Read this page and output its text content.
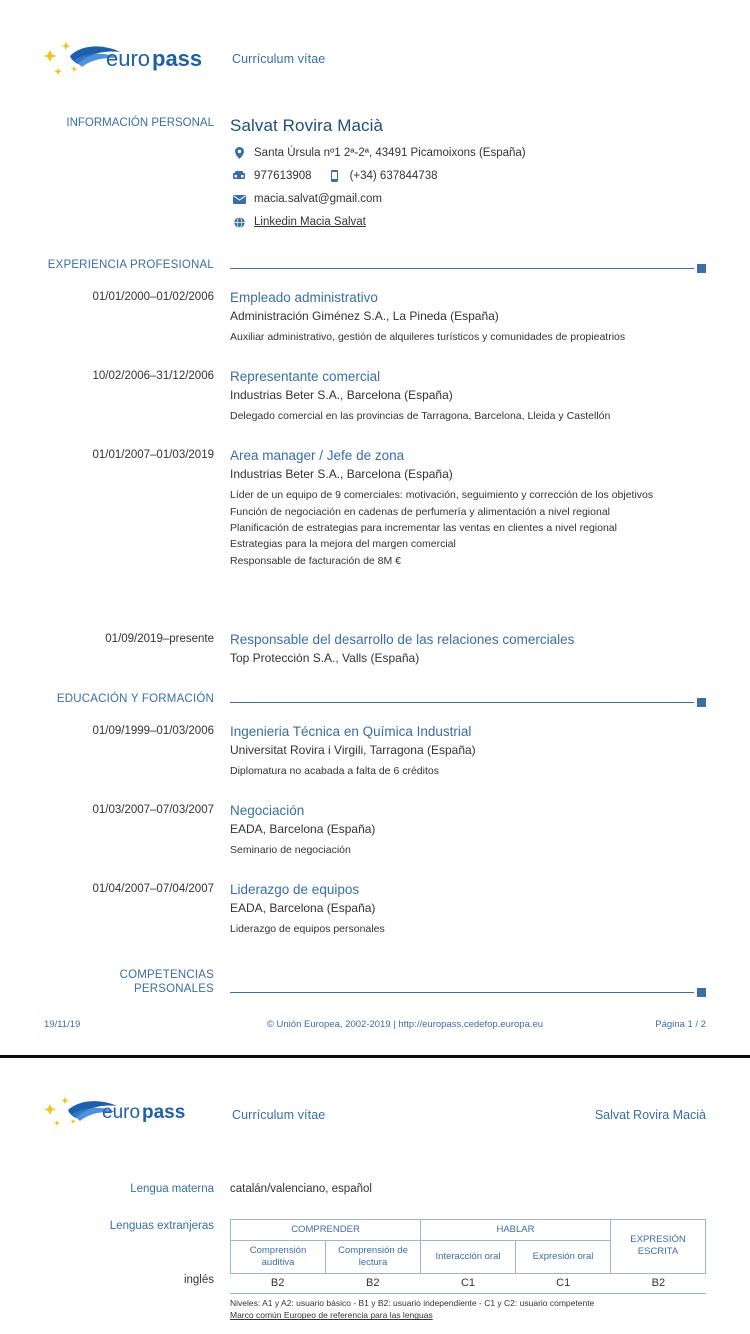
euro pass Currículum vítae
INFORMACIÓN PERSONAL Salvat Rovira Macià
Santa Úrsula nº1 2ª-2ª, 43491 Picamoixons (España)
977613908	(+34) 637844738
macia.salvat@gmail.com
Linkedin Macia Salvat
EXPERIENCIA PROFESIONAL
01/01/2000–01/02/2006	Empleado administrativo
Administración Giménez S.A., La Pineda (España)
Auxiliar administrativo, gestión de alquileres turísticos y comunidades de propieatrios
10/02/2006–31/12/2006	Representante comercial
Industrias Beter S.A., Barcelona (España)
Delegado comercial en las provincias de Tarragona, Barcelona, Lleida y Castellón
01/01/2007–01/03/2019	Area manager / Jefe de zona
Industrias Beter S.A., Barcelona (España)
Líder de un equipo de 9 comerciales: motivación, seguimiento y corrección de los objetivos
Función de negociación en cadenas de perfumería y alimentación a nivel regional
Planificación de estrategias para incrementar las ventas en clientes a nivel regional
Estrategias para la mejora del margen comercial
Responsable de facturación de 8M €
01/09/2019–presente	Responsable del desarrollo de las relaciones comerciales
Top Protección S.A., Valls (España)
EDUCACIÓN Y FORMACIÓN
01/09/1999–01/03/2006	Ingenieria Técnica en Química Industrial
Universitat Rovira i Virgili, Tarragona (España)
Diplomatura no acabada a falta de 6 créditos
01/03/2007–07/03/2007	Negociación
EADA, Barcelona (España)
Seminario de negociación
01/04/2007–07/04/2007	Liderazgo de equipos
EADA, Barcelona (España)
Liderazgo de equipos personales
COMPETENCIAS
PERSONALES
19/11/19	© Unión Europea, 2002-2019 | http://europass.cedefop.europa.eu	Página 1 / 2
euro pass	Currículum vítae	Salvat Rovira Macià
Lengua materna	catalán/valenciano, español
Lenguas extranjeras	COMPRENDER		HABLAR		EXPRESIÓN ESCRITA
Comprensión auditiva	Comprensión de lectura	Interacción oral	Expresión oral	
inglés	B2	B2	C1	C1	B2
Niveles: A1 y A2: usuario básico - B1 y B2: usuario independiente - C1 y C2: usuario competente
Marco común Europeo de referencia para las lenguas
